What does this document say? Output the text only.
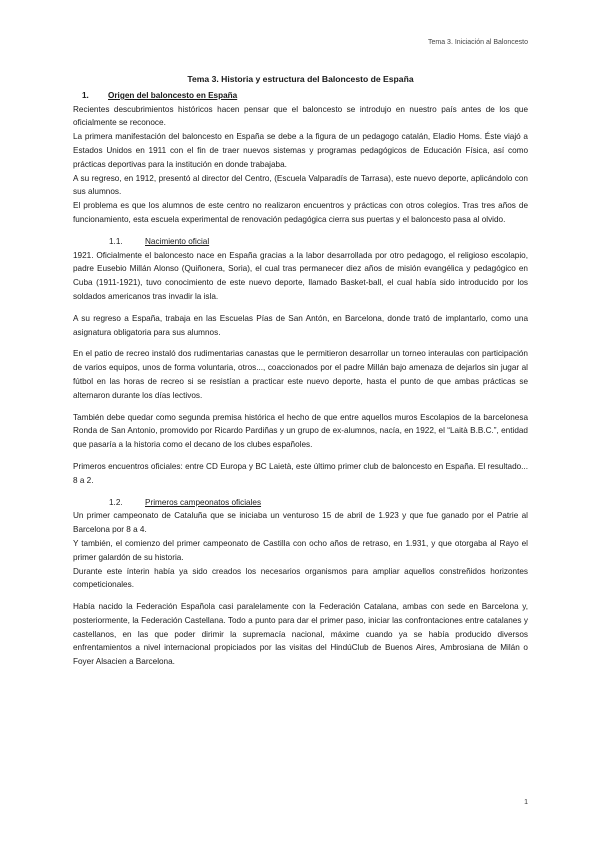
Tema 3. Iniciación al Baloncesto
Tema 3. Historia y estructura del Baloncesto de España
1.	Origen del baloncesto en España

Recientes descubrimientos históricos hacen pensar que el baloncesto se introdujo en nuestro país antes de los que oficialmente se reconoce.

La primera manifestación del baloncesto en España se debe a la figura de un pedagogo catalán, Eladio Homs. Éste viajó a Estados Unidos en 1911 con el fin de traer nuevos sistemas y programas pedagógicos de Educación Física, así como prácticas deportivas para la institución en donde trabajaba.

A su regreso, en 1912, presentó al director del Centro, (Escuela Valparadís de Tarrasa), este nuevo deporte, aplicándolo con sus alumnos.

El problema es que los alumnos de este centro no realizaron encuentros y prácticas con otros colegios. Tras tres años de funcionamiento, esta escuela experimental de renovación pedagógica cierra sus puertas y el baloncesto pasa al olvido.

1.1.	Nacimiento oficial

1921. Oficialmente el baloncesto nace en España gracias a la labor desarrollada por otro pedagogo, el religioso escolapio, padre Eusebio Millán Alonso (Quiñonera, Soria), el cual tras permanecer diez años de misión evangélica y pedagógico en Cuba (1911-1921), tuvo conocimiento de este nuevo deporte, llamado Basket-ball, el cual había sido introducido por los soldados americanos tras invadir la isla.

A su regreso a España, trabaja en las Escuelas Pías de San Antón, en Barcelona, donde trató de implantarlo, como una asignatura obligatoria para sus alumnos.

En el patio de recreo instaló dos rudimentarias canastas que le permitieron desarrollar un torneo interaulas con participación de varios equipos, unos de forma voluntaria, otros..., coaccionados por el padre Millán bajo amenaza de dejarlos sin jugar al fútbol en las horas de recreo si se resistían a practicar este nuevo deporte, hasta el punto de que ambas prácticas se alternaron durante los días lectivos.

También debe quedar como segunda premisa histórica el hecho de que entre aquellos muros Escolapios de la barcelonesa Ronda de San Antonio, promovido por Ricardo Pardiñas y un grupo de ex-alumnos, nacía, en 1922, el “Laità B.B.C.”, entidad que pasaría a la historia como el decano de los clubes españoles.

Primeros encuentros oficiales: entre CD Europa y BC Laietà, este último primer club de baloncesto en España. El resultado... 8 a 2.

1.2.	Primeros campeonatos oficiales

Un primer campeonato de Cataluña que se iniciaba un venturoso 15 de abril de 1.923 y que fue ganado por el Patrie al Barcelona por 8 a 4.

Y también, el comienzo del primer campeonato de Castilla con ocho años de retraso, en 1.931, y que otorgaba al Rayo el primer galardón de su historia.

Durante este ínterin había ya sido creados los necesarios organismos para ampliar aquellos constreñidos horizontes competicionales.

Había nacido la Federación Española casi paralelamente con la Federación Catalana, ambas con sede en Barcelona y, posteriormente, la Federación Castellana. Todo a punto para dar el primer paso, iniciar las confrontaciones entre catalanes y castellanos, en las que poder dirimir la supremacía nacional, máxime cuando ya se había producido diversos enfrentamientos a nivel internacional propiciados por las visitas del HindúClub de Buenos Aires, Ambrosiana de Milán o Foyer Alsacien a Barcelona.

1
